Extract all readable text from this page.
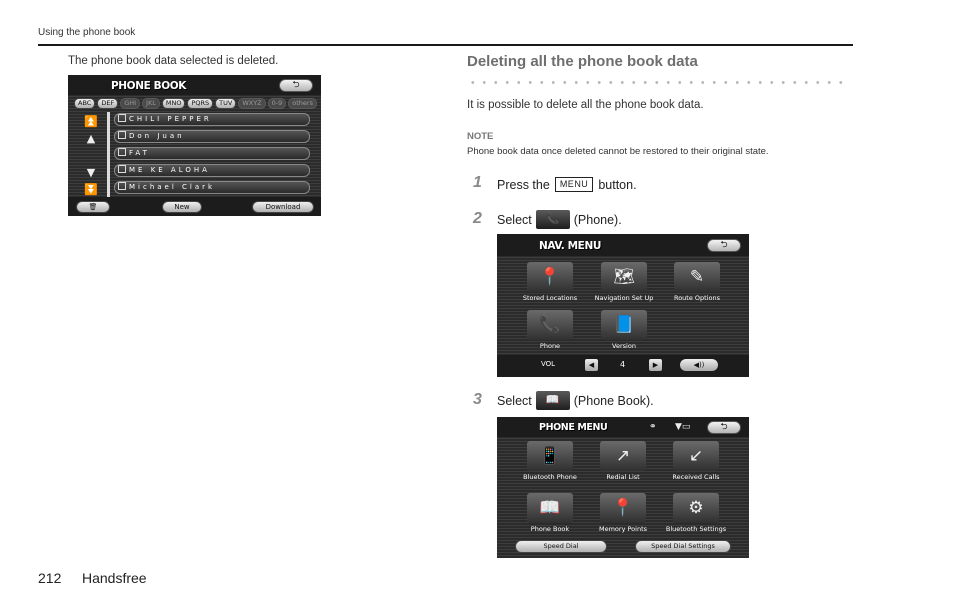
Using the phone book
The phone book data selected is deleted.
PHONE BOOK	⮌
ABC	DEF	GHI	JKL	MNO	PQRS	TUV	WXYZ	0-9	others
⏫
▲
▼
⏬
CHILI PEPPER
Don Juan
FAT
ME KE ALOHA
Michael Clark
🗑	New	Download
Deleting all the phone book data
It is possible to delete all the phone book data.
NOTE
Phone book data once deleted cannot be restored to their original state.
1 Press the	MENU button.
2 Select	📞	(Phone).
NAV. MENU	⮌
📍
Stored Locations
🗺
Navigation Set Up
✎
Route Options
📞
Phone
📘
Version
VOL	◀	4	▶	◀))
3 Select	📖	(Phone Book).
PHONE MENU	⚭ ▼▭	⮌
📱
Bluetooth Phone
↗
Redial List
↙
Received Calls
📖
Phone Book
📍
Memory Points
⚙
Bluetooth Settings
Speed Dial	Speed Dial Settings
212 Handsfree
